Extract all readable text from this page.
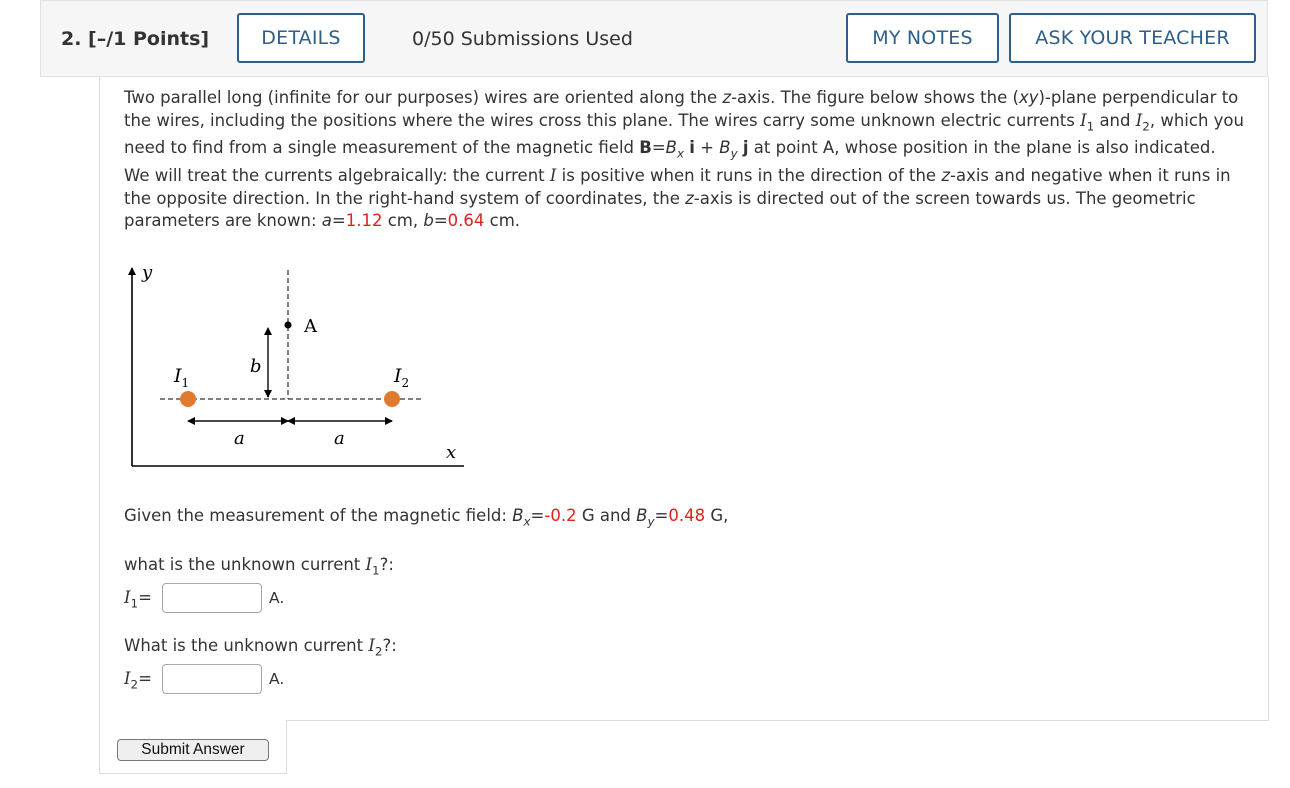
2. [–/1 Points]	DETAILS	0/50 Submissions Used	MY NOTES	ASK YOUR TEACHER
Two parallel long (infinite for our purposes) wires are oriented along the z-axis. The figure below shows the (xy)-plane perpendicular to the wires, including the positions where the wires cross this plane. The wires carry some unknown electric currents $I_1$ and $I_2$, which you need to find from a single measurement of the magnetic field $B=B_x$ $i + B_y$ j at point A, whose position in the plane is also indicated. We will treat the currents algebraically: the current I is positive when it runs in the direction of the z-axis and negative when it runs in the opposite direction. In the right-hand system of coordinates, the z-axis is directed out of the screen towards us. The geometric parameters are known: a=1.12 cm, b=0.64 cm.
y
x
A
b
$I_1$	$I_2$
a	a
Given the measurement of the magnetic field: $B_x=-0.2$ G and $B_y=0.48$ G,
what is the unknown current $I_1$?:
$I_1=$	A.
What is the unknown current $I_2$?:
$I_2=$	A.
Submit Answer
